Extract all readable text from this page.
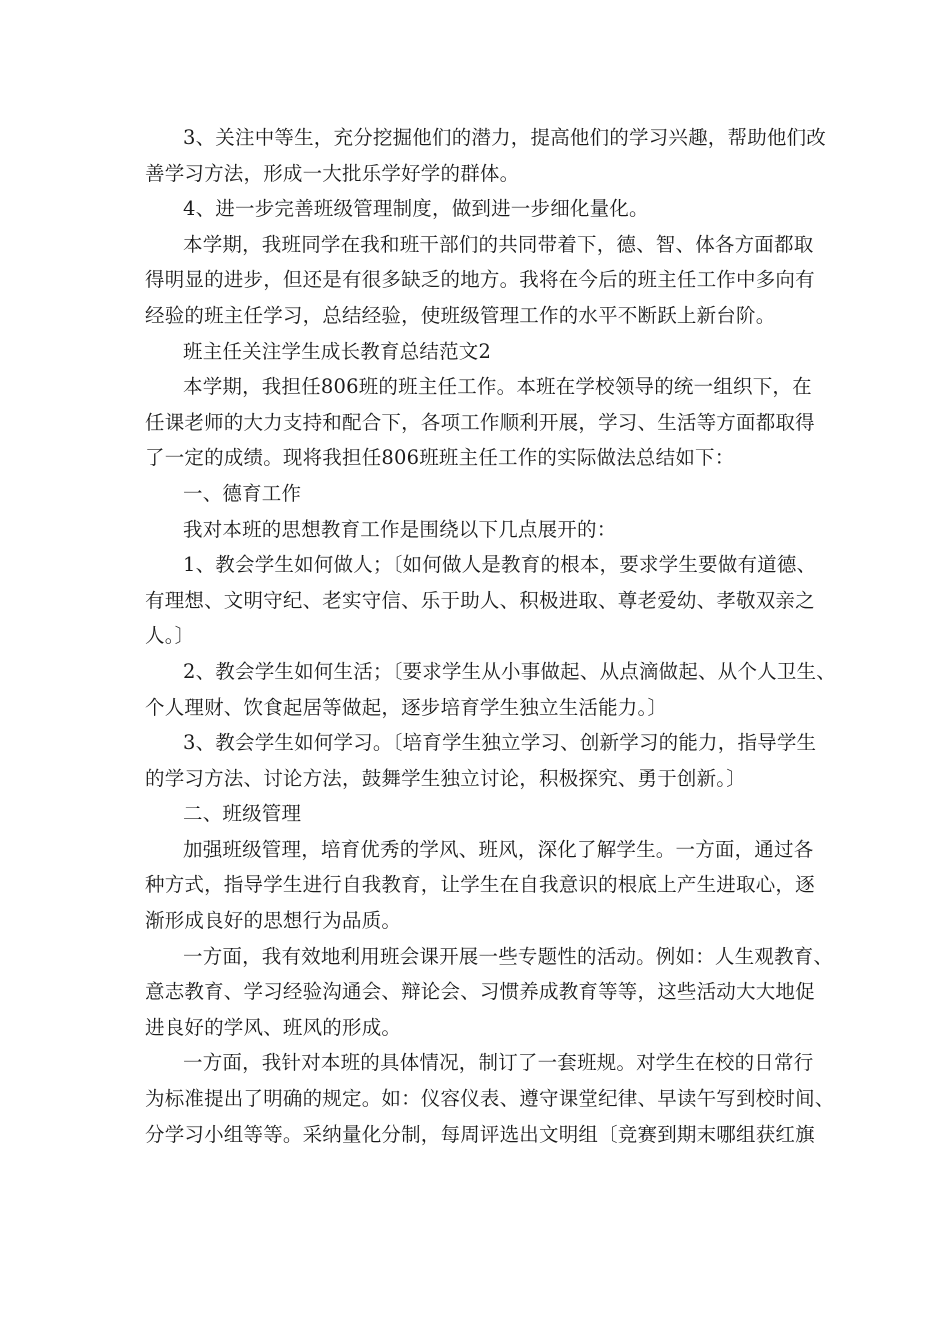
3、关注中等生，充分挖掘他们的潜力，提高他们的学习兴趣，帮助他们改
善学习方法，形成一大批乐学好学的群体。
4、进一步完善班级管理制度，做到进一步细化量化。
本学期，我班同学在我和班干部们的共同带着下，德、智、体各方面都取
得明显的进步，但还是有很多缺乏的地方。我将在今后的班主任工作中多向有
经验的班主任学习，总结经验，使班级管理工作的水平不断跃上新台阶。
班主任关注学生成长教育总结范文2
本学期，我担任806班的班主任工作。本班在学校领导的统一组织下，在
任课老师的大力支持和配合下，各项工作顺利开展，学习、生活等方面都取得
了一定的成绩。现将我担任806班班主任工作的实际做法总结如下：
一、德育工作
我对本班的思想教育工作是围绕以下几点展开的：
1、教会学生如何做人；〔如何做人是教育的根本，要求学生要做有道德、
有理想、文明守纪、老实守信、乐于助人、积极进取、尊老爱幼、孝敬双亲之
人。〕
2、教会学生如何生活；〔要求学生从小事做起、从点滴做起、从个人卫生、
个人理财、饮食起居等做起，逐步培育学生独立生活能力。〕
3、教会学生如何学习。〔培育学生独立学习、创新学习的能力，指导学生
的学习方法、讨论方法，鼓舞学生独立讨论，积极探究、勇于创新。〕
二、班级管理
加强班级管理，培育优秀的学风、班风，深化了解学生。一方面，通过各
种方式，指导学生进行自我教育，让学生在自我意识的根底上产生进取心，逐
渐形成良好的思想行为品质。
一方面，我有效地利用班会课开展一些专题性的活动。例如：人生观教育、
意志教育、学习经验沟通会、辩论会、习惯养成教育等等，这些活动大大地促
进良好的学风、班风的形成。
一方面，我针对本班的具体情况，制订了一套班规。对学生在校的日常行
为标准提出了明确的规定。如：仪容仪表、遵守课堂纪律、早读午写到校时间、
分学习小组等等。采纳量化分制，每周评选出文明组〔竞赛到期末哪组获红旗
